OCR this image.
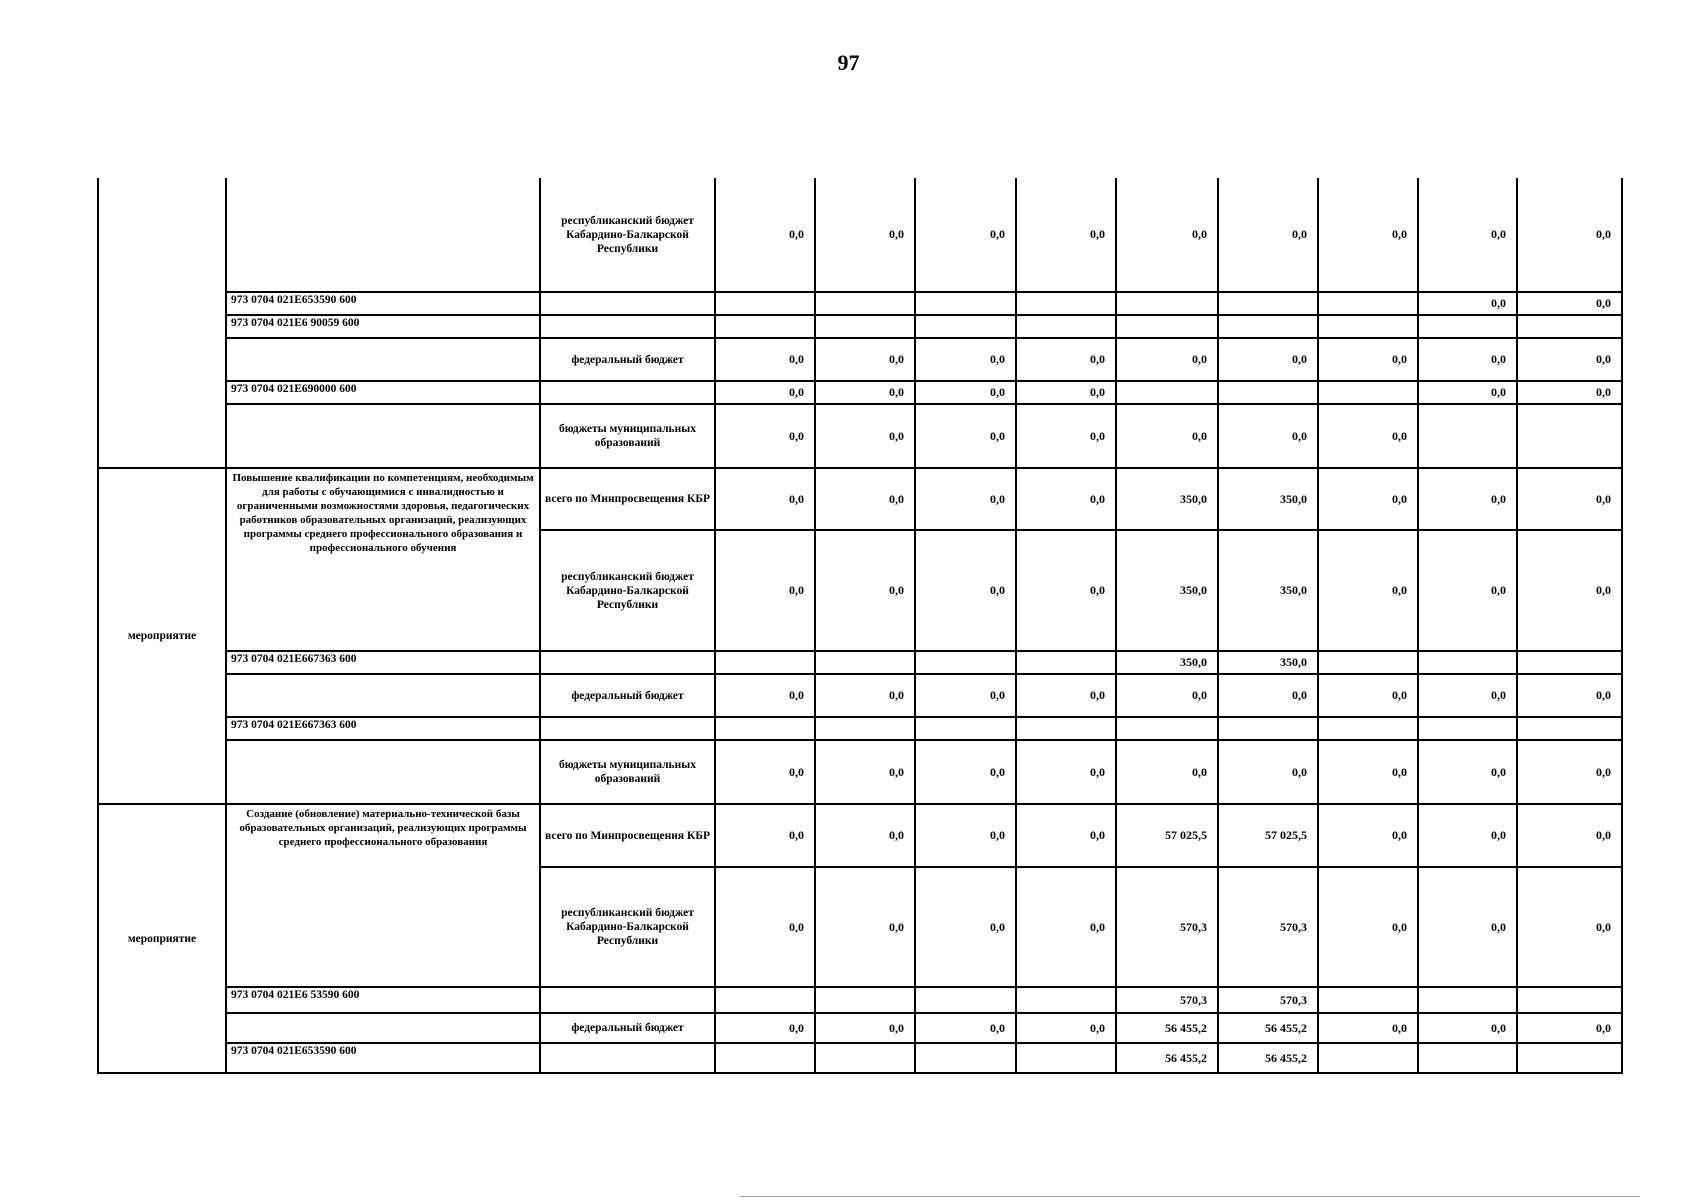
97
		республиканский бюджет Кабардино-Балкарской Республики	0,0	0,0	0,0	0,0	0,0	0,0	0,0	0,0	0,0
	973 0704 021E653590 600									0,0	0,0
	973 0704 021E6 90059 600										
		федеральный бюджет	0,0	0,0	0,0	0,0	0,0	0,0	0,0	0,0	0,0
	973 0704 021E690000 600		0,0	0,0	0,0	0,0				0,0	0,0
		бюджеты муниципальных образований	0,0	0,0	0,0	0,0	0,0	0,0	0,0		
мероприятие	Повышение квалификации по компетенциям, необходимым для работы с обучающимися с инвалидностью и ограниченными возможностями здоровья, педагогических работников образовательных организаций, реализующих программы среднего профессионального образования и профессионального обучения	всего по Минпросвещения КБР	0,0	0,0	0,0	0,0	350,0	350,0	0,0	0,0	0,0
		республиканский бюджет Кабардино-Балкарской Республики	0,0	0,0	0,0	0,0	350,0	350,0	0,0	0,0	0,0
	973 0704 021E667363 600						350,0	350,0			
		федеральный бюджет	0,0	0,0	0,0	0,0	0,0	0,0	0,0	0,0	0,0
	973 0704 021E667363 600										
		бюджеты муниципальных образований	0,0	0,0	0,0	0,0	0,0	0,0	0,0	0,0	0,0
мероприятие	Создание (обновление) материально-технической базы образовательных организаций, реализующих программы среднего профессионального образования	всего по Минпросвещения КБР	0,0	0,0	0,0	0,0	57 025,5	57 025,5	0,0	0,0	0,0
		республиканский бюджет Кабардино-Балкарской Республики	0,0	0,0	0,0	0,0	570,3	570,3	0,0	0,0	0,0
	973 0704 021E6 53590 600						570,3	570,3			
		федеральный бюджет	0,0	0,0	0,0	0,0	56 455,2	56 455,2	0,0	0,0	0,0
	973 0704 021E653590 600						56 455,2	56 455,2			
